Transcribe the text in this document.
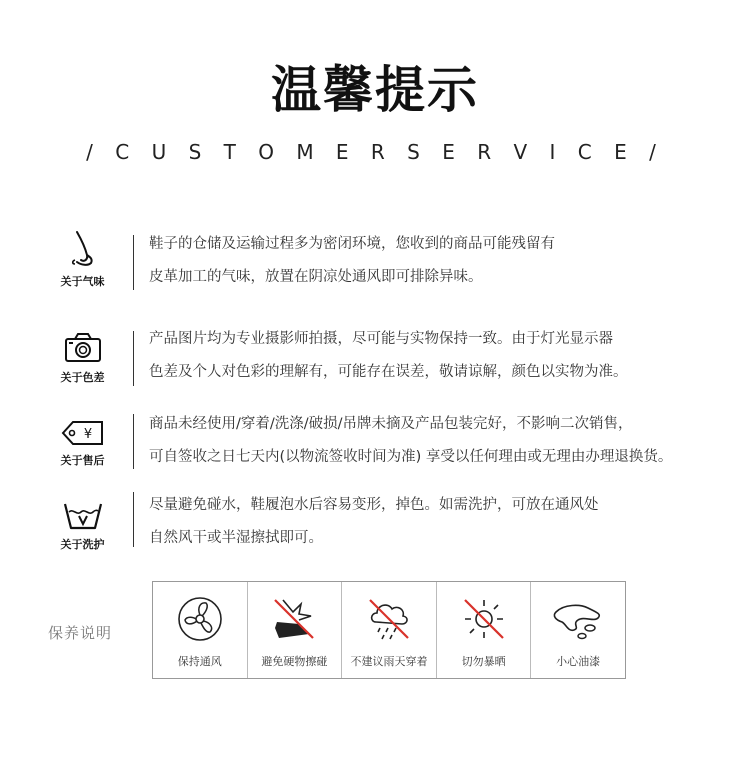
温馨提示
/ C U S T O M E R S E R V I C E /
关于气味
鞋子的仓储及运输过程多为密闭环境，您收到的商品可能残留有
皮革加工的气味，放置在阴凉处通风即可排除异味。
关于色差
产品图片均为专业摄影师拍摄，尽可能与实物保持一致。由于灯光显示器
色差及个人对色彩的理解有，可能存在误差，敬请谅解，颜色以实物为准。
¥
关于售后
商品未经使用/穿着/洗涤/破损/吊牌未摘及产品包装完好，不影响二次销售，
可自签收之日七天内(以物流签收时间为准) 享受以任何理由或无理由办理退换货。
关于洗护
尽量避免碰水，鞋履泡水后容易变形，掉色。如需洗护，可放在通风处
自然风干或半湿擦拭即可。
保养说明
保持通风	避免硬物擦碰	不建议雨天穿着	切勿暴晒	小心油漆
